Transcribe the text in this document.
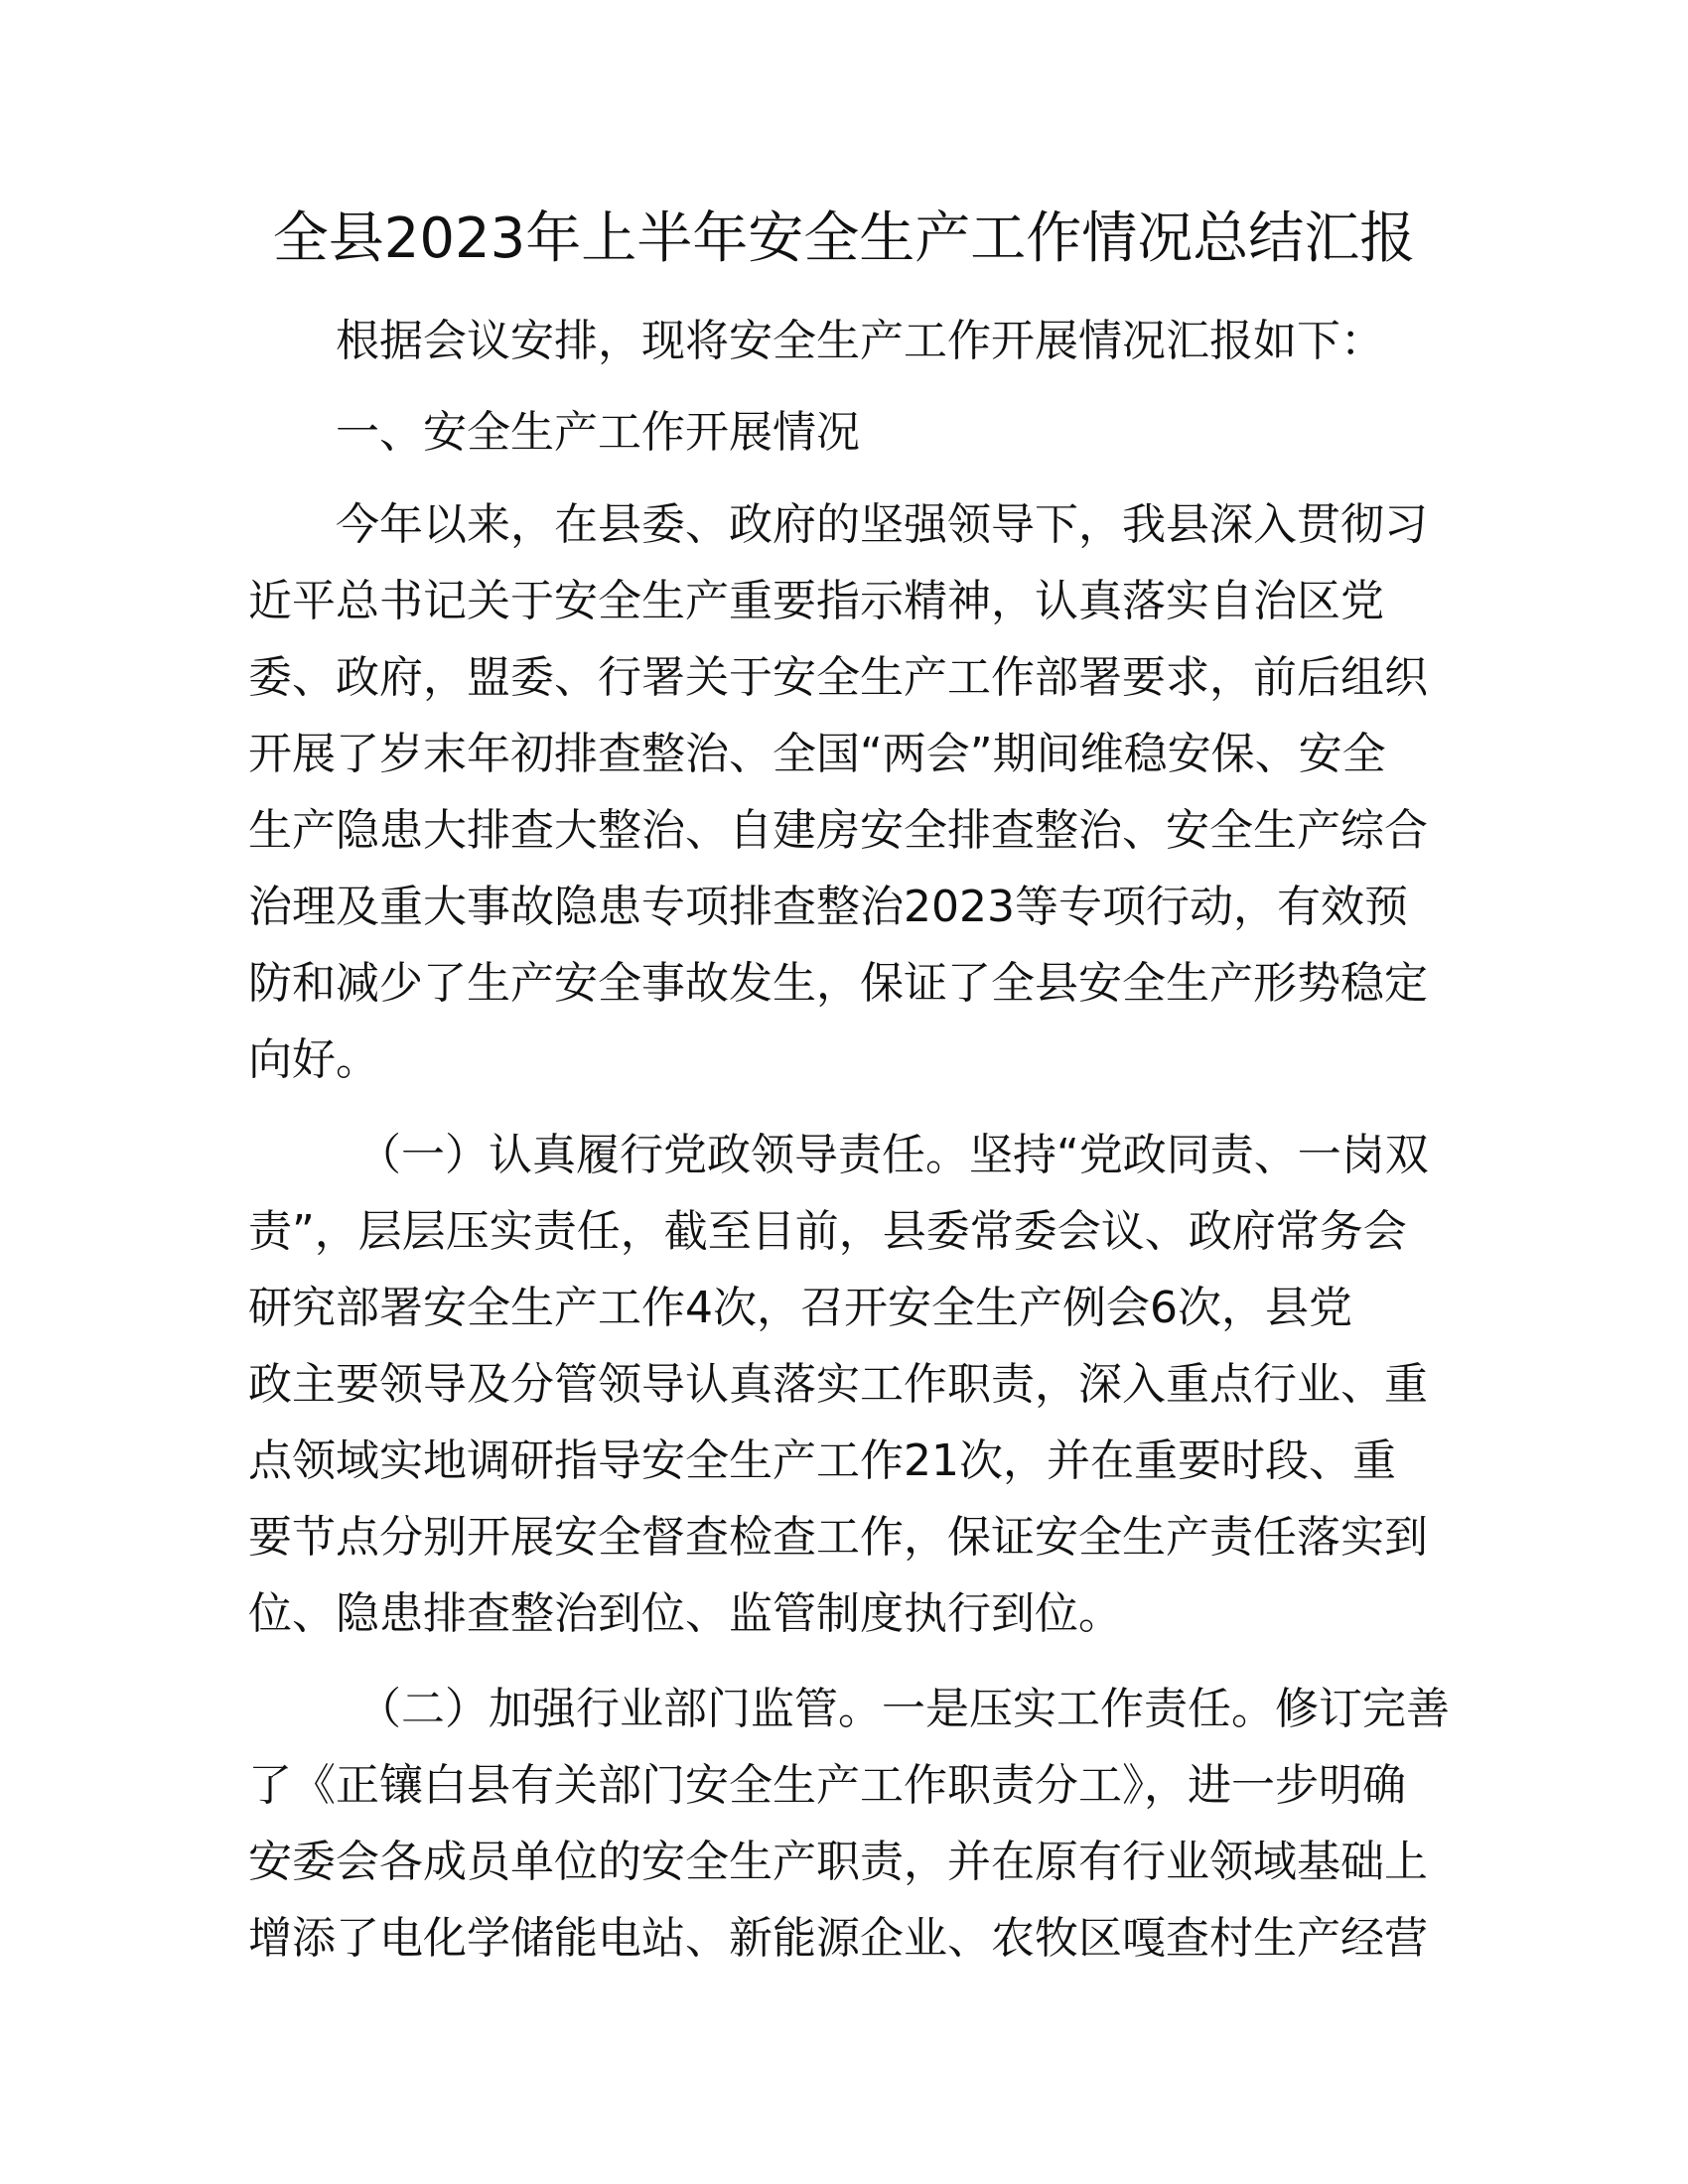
全县2023年上半年安全生产工作情况总结汇报

根据会议安排，现将安全生产工作开展情况汇报如下：

一、安全生产工作开展情况

今年以来，在县委、政府的坚强领导下，我县深入贯彻习
近平总书记关于安全生产重要指示精神，认真落实自治区党
委、政府，盟委、行署关于安全生产工作部署要求，前后组织
开展了岁末年初排查整治、全国“两会”期间维稳安保、安全
生产隐患大排查大整治、自建房安全排查整治、安全生产综合
治理及重大事故隐患专项排查整治2023等专项行动，有效预
防和减少了生产安全事故发生，保证了全县安全生产形势稳定
向好。

（一）认真履行党政领导责任。坚持“党政同责、一岗双
责”，层层压实责任，截至目前，县委常委会议、政府常务会
研究部署安全生产工作4次，召开安全生产例会6次，县党
政主要领导及分管领导认真落实工作职责，深入重点行业、重
点领域实地调研指导安全生产工作21次，并在重要时段、重
要节点分别开展安全督查检查工作，保证安全生产责任落实到
位、隐患排查整治到位、监管制度执行到位。

（二）加强行业部门监管。一是压实工作责任。修订完善
了《正镶白县有关部门安全生产工作职责分工》，进一步明确
安委会各成员单位的安全生产职责，并在原有行业领域基础上
增添了电化学储能电站、新能源企业、农牧区嘎查村生产经营
